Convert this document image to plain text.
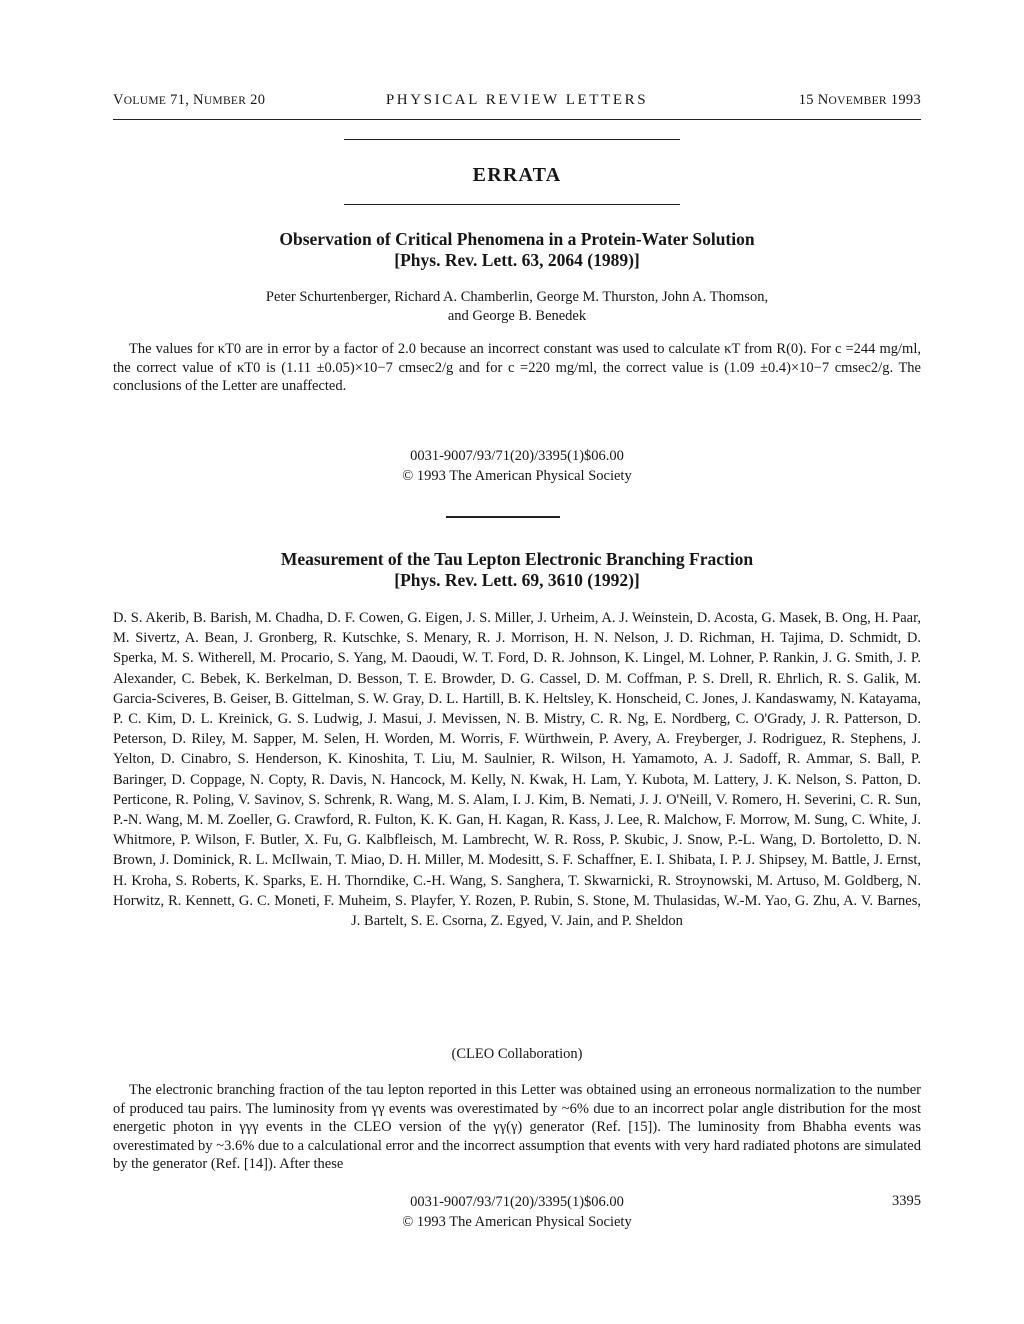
VOLUME 71, NUMBER 20	PHYSICAL REVIEW LETTERS	15 NOVEMBER 1993
ERRATA
Observation of Critical Phenomena in a Protein-Water Solution
[Phys. Rev. Lett. 63, 2064 (1989)]
Peter Schurtenberger, Richard A. Chamberlin, George M. Thurston, John A. Thomson,
and George B. Benedek
The values for κT0 are in error by a factor of 2.0 because an incorrect constant was used to calculate κT from R(0). For c =244 mg/ml, the correct value of κT0 is (1.11 ±0.05)×10−7 cmsec2/g and for c =220 mg/ml, the correct value is (1.09 ±0.4)×10−7 cmsec2/g. The conclusions of the Letter are unaffected.
0031-9007/93/71(20)/3395(1)$06.00
© 1993 The American Physical Society
Measurement of the Tau Lepton Electronic Branching Fraction
[Phys. Rev. Lett. 69, 3610 (1992)]
D. S. Akerib, B. Barish, M. Chadha, D. F. Cowen, G. Eigen, J. S. Miller, J. Urheim, A. J. Weinstein, D. Acosta, G. Masek, B. Ong, H. Paar, M. Sivertz, A. Bean, J. Gronberg, R. Kutschke, S. Menary, R. J. Morrison, H. N. Nelson, J. D. Richman, H. Tajima, D. Schmidt, D. Sperka, M. S. Witherell, M. Procario, S. Yang, M. Daoudi, W. T. Ford, D. R. Johnson, K. Lingel, M. Lohner, P. Rankin, J. G. Smith, J. P. Alexander, C. Bebek, K. Berkelman, D. Besson, T. E. Browder, D. G. Cassel, D. M. Coffman, P. S. Drell, R. Ehrlich, R. S. Galik, M. Garcia-Sciveres, B. Geiser, B. Gittelman, S. W. Gray, D. L. Hartill, B. K. Heltsley, K. Honscheid, C. Jones, J. Kandaswamy, N. Katayama, P. C. Kim, D. L. Kreinick, G. S. Ludwig, J. Masui, J. Mevissen, N. B. Mistry, C. R. Ng, E. Nordberg, C. O'Grady, J. R. Patterson, D. Peterson, D. Riley, M. Sapper, M. Selen, H. Worden, M. Worris, F. Würthwein, P. Avery, A. Freyberger, J. Rodriguez, R. Stephens, J. Yelton, D. Cinabro, S. Henderson, K. Kinoshita, T. Liu, M. Saulnier, R. Wilson, H. Yamamoto, A. J. Sadoff, R. Ammar, S. Ball, P. Baringer, D. Coppage, N. Copty, R. Davis, N. Hancock, M. Kelly, N. Kwak, H. Lam, Y. Kubota, M. Lattery, J. K. Nelson, S. Patton, D. Perticone, R. Poling, V. Savinov, S. Schrenk, R. Wang, M. S. Alam, I. J. Kim, B. Nemati, J. J. O'Neill, V. Romero, H. Severini, C. R. Sun, P.-N. Wang, M. M. Zoeller, G. Crawford, R. Fulton, K. K. Gan, H. Kagan, R. Kass, J. Lee, R. Malchow, F. Morrow, M. Sung, C. White, J. Whitmore, P. Wilson, F. Butler, X. Fu, G. Kalbfleisch, M. Lambrecht, W. R. Ross, P. Skubic, J. Snow, P.-L. Wang, D. Bortoletto, D. N. Brown, J. Dominick, R. L. McIlwain, T. Miao, D. H. Miller, M. Modesitt, S. F. Schaffner, E. I. Shibata, I. P. J. Shipsey, M. Battle, J. Ernst, H. Kroha, S. Roberts, K. Sparks, E. H. Thorndike, C.-H. Wang, S. Sanghera, T. Skwarnicki, R. Stroynowski, M. Artuso, M. Goldberg, N. Horwitz, R. Kennett, G. C. Moneti, F. Muheim, S. Playfer, Y. Rozen, P. Rubin, S. Stone, M. Thulasidas, W.-M. Yao, G. Zhu, A. V. Barnes, J. Bartelt, S. E. Csorna, Z. Egyed, V. Jain, and P. Sheldon
(CLEO Collaboration)
The electronic branching fraction of the tau lepton reported in this Letter was obtained using an erroneous normalization to the number of produced tau pairs. The luminosity from γγ events was overestimated by ~6% due to an incorrect polar angle distribution for the most energetic photon in γγγ events in the CLEO version of the γγ(γ) generator (Ref. [15]). The luminosity from Bhabha events was overestimated by ~3.6% due to a calculational error and the incorrect assumption that events with very hard radiated photons are simulated by the generator (Ref. [14]). After these
0031-9007/93/71(20)/3395(1)$06.00
© 1993 The American Physical Society
3395
